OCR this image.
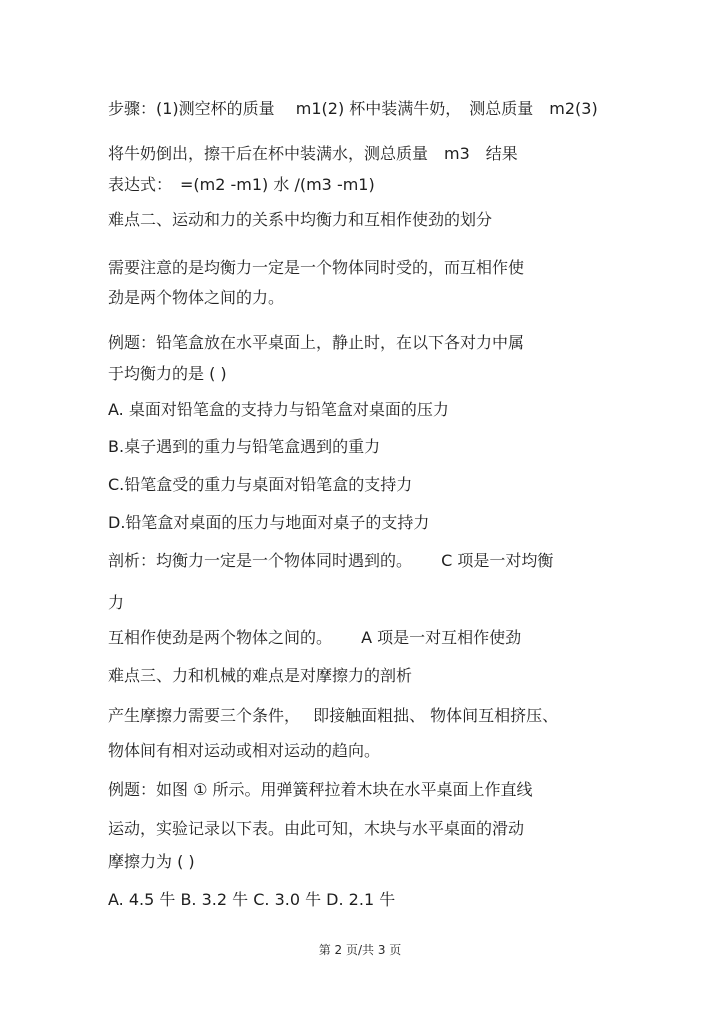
步骤：(1)测空杯的质量　 m1(2) 杯中装满牛奶，　测总质量　m2(3)
将牛奶倒出，擦干后在杯中装满水，测总质量　m3　结果
表达式：　=(m2 -m1) 水 /(m3 -m1)
难点二、运动和力的关系中均衡力和互相作使劲的划分
需要注意的是均衡力一定是一个物体同时受的，而互相作使
劲是两个物体之间的力。
例题：铅笔盒放在水平桌面上，静止时，在以下各对力中属
于均衡力的是 ( )
A. 桌面对铅笔盒的支持力与铅笔盒对桌面的压力
B.桌子遇到的重力与铅笔盒遇到的重力
C.铅笔盒受的重力与桌面对铅笔盒的支持力
D.铅笔盒对桌面的压力与地面对桌子的支持力
剖析：均衡力一定是一个物体同时遇到的。　　 C 项是一对均衡
力
互相作使劲是两个物体之间的。　　 A 项是一对互相作使劲
难点三、力和机械的难点是对摩擦力的剖析
产生摩擦力需要三个条件，　 即接触面粗拙、 物体间互相挤压、
物体间有相对运动或相对运动的趋向。
例题：如图 ① 所示。用弹簧秤拉着木块在水平桌面上作直线
运动，实验记录以下表。由此可知，木块与水平桌面的滑动
摩擦力为 ( )
A. 4.5 牛 B. 3.2 牛 C. 3.0 牛 D. 2.1 牛
第 2 页/共 3 页
